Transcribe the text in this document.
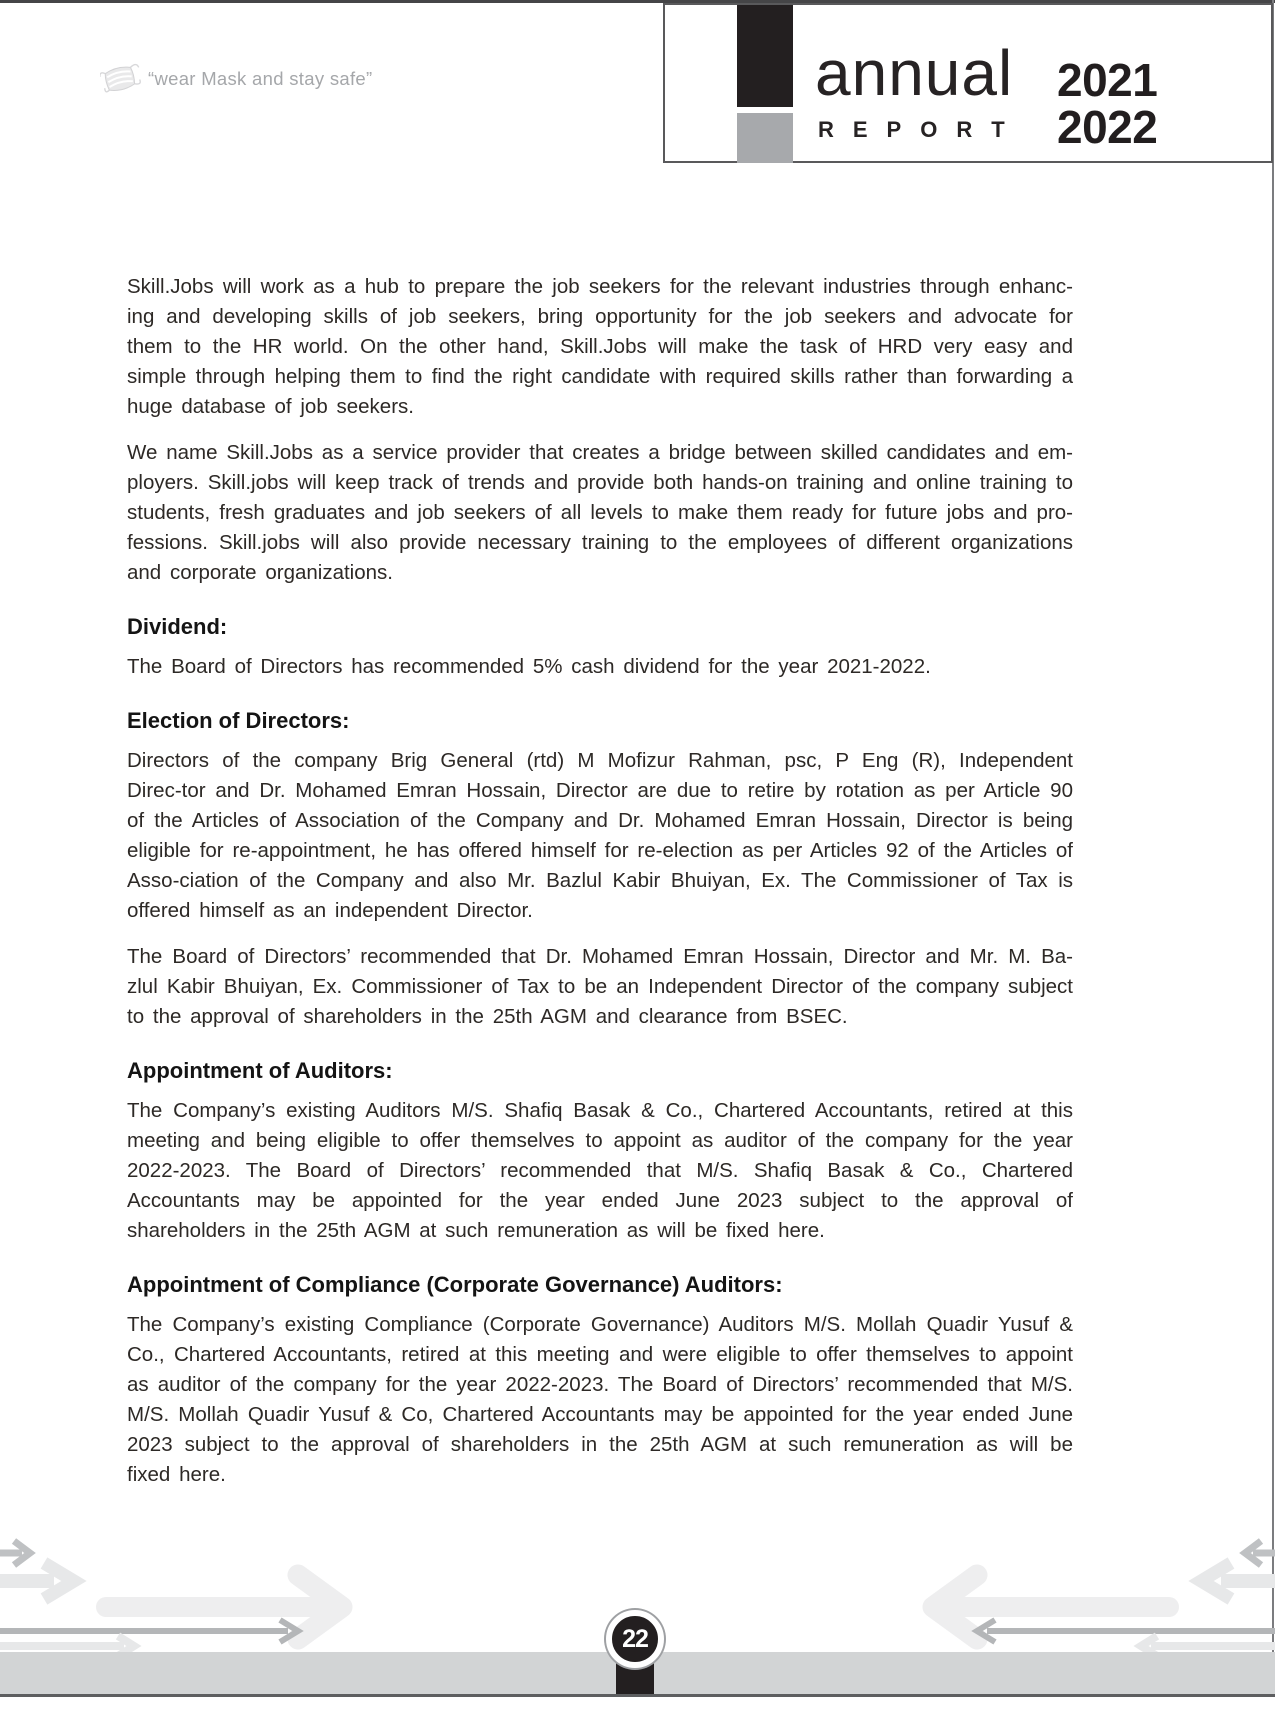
“wear Mask and stay safe”	annual
REPORT
2021
2022

Skill.Jobs will work as a hub to prepare the job seekers for the relevant industries through enhanc-ing and developing skills of job seekers, bring opportunity for the job seekers and advocate for them to the HR world. On the other hand, Skill.Jobs will make the task of HRD very easy and simple through helping them to find the right candidate with required skills rather than forwarding a huge database of job seekers.

We name Skill.Jobs as a service provider that creates a bridge between skilled candidates and em-ployers. Skill.jobs will keep track of trends and provide both hands-on training and online training to students, fresh graduates and job seekers of all levels to make them ready for future jobs and pro-fessions. Skill.jobs will also provide necessary training to the employees of different organizations and corporate organizations.

Dividend:

The Board of Directors has recommended 5% cash dividend for the year 2021-2022.

Election of Directors:

Directors of the company Brig General (rtd) M Mofizur Rahman, psc, P Eng (R), Independent Direc-tor and Dr. Mohamed Emran Hossain, Director are due to retire by rotation as per Article 90 of the Articles of Association of the Company and Dr. Mohamed Emran Hossain, Director is being eligible for re-appointment, he has offered himself for re-election as per Articles 92 of the Articles of Asso-ciation of the Company and also Mr. Bazlul Kabir Bhuiyan, Ex. The Commissioner of Tax is offered himself as an independent Director.

The Board of Directors’ recommended that Dr. Mohamed Emran Hossain, Director and Mr. M. Ba-zlul Kabir Bhuiyan, Ex. Commissioner of Tax to be an Independent Director of the company subject to the approval of shareholders in the 25th AGM and clearance from BSEC.

Appointment of Auditors:

The Company’s existing Auditors M/S. Shafiq Basak & Co., Chartered Accountants, retired at this meeting and being eligible to offer themselves to appoint as auditor of the company for the year 2022-2023. The Board of Directors’ recommended that M/S. Shafiq Basak & Co., Chartered Accountants may be appointed for the year ended June 2023 subject to the approval of shareholders in the 25th AGM at such remuneration as will be fixed here.

Appointment of Compliance (Corporate Governance) Auditors:

The Company’s existing Compliance (Corporate Governance) Auditors M/S. Mollah Quadir Yusuf & Co., Chartered Accountants, retired at this meeting and were eligible to offer themselves to appoint as auditor of the company for the year 2022-2023. The Board of Directors’ recommended that M/S. M/S. Mollah Quadir Yusuf & Co, Chartered Accountants may be appointed for the year ended June 2023 subject to the approval of shareholders in the 25th AGM at such remuneration as will be fixed here.

22
